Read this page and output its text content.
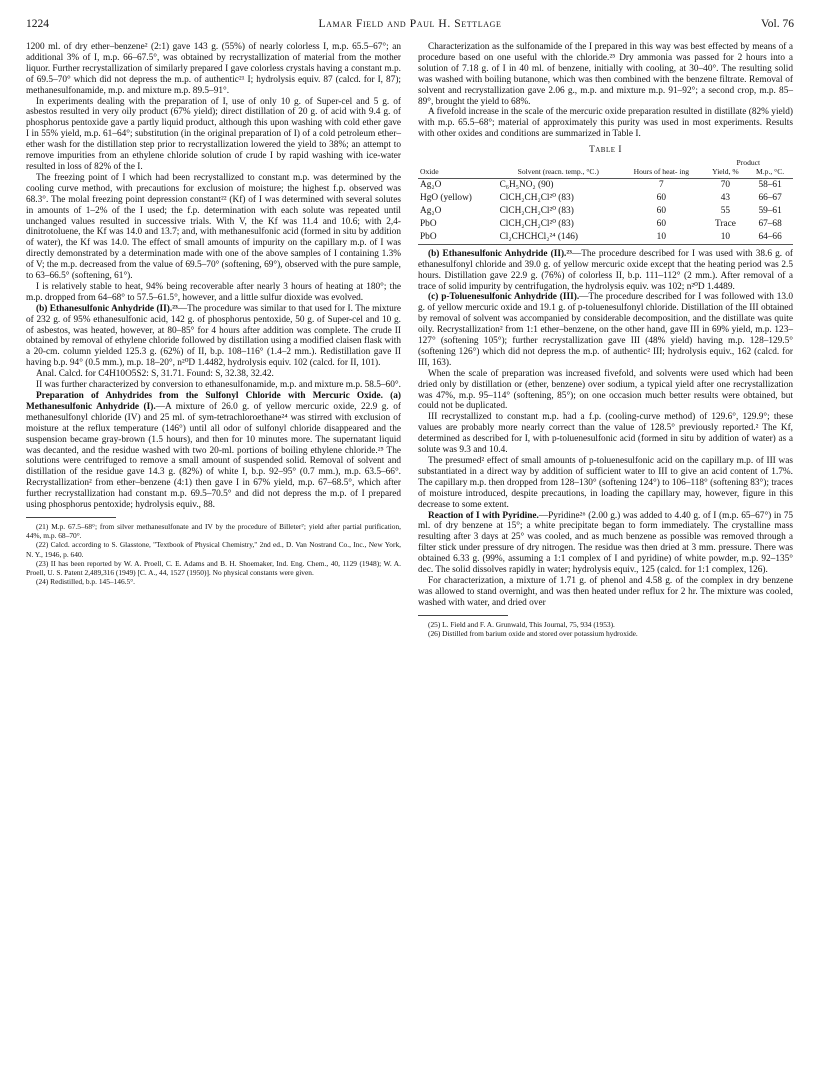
1224	Lamar Field and Paul H. Settlage	Vol. 76

1200 ml. of dry ether–benzene² (2:1) gave 143 g. (55%) of nearly colorless I, m.p. 65.5–67°; an additional 3% of I, m.p. 66–67.5°, was obtained by recrystallization of material from the mother liquor. Further recrystallization of similarly prepared I gave colorless crystals having a constant m.p. of 69.5–70° which did not depress the m.p. of authentic²¹ I; hydrolysis equiv. 87 (calcd. for I, 87); methanesulfonamide, m.p. and mixture m.p. 89.5–91°.

In experiments dealing with the preparation of I, use of only 10 g. of Super-cel and 5 g. of asbestos resulted in very oily product (67% yield); direct distillation of 20 g. of acid with 9.4 g. of phosphorus pentoxide gave a partly liquid product, although this upon washing with cold ether gave I in 55% yield, m.p. 61–64°; substitution (in the original preparation of I) of a cold petroleum ether–ether wash for the distillation step prior to recrystallization lowered the yield to 38%; an attempt to remove impurities from an ethylene chloride solution of crude I by rapid washing with ice-water resulted in loss of 82% of the I.

The freezing point of I which had been recrystallized to constant m.p. was determined by the cooling curve method, with precautions for exclusion of moisture; the highest f.p. observed was 68.3°. The molal freezing point depression constant²² (Kf) of I was determined with several solutes in amounts of 1–2% of the I used; the f.p. determination with each solute was repeated until unchanged values resulted in successive trials. With V, the Kf was 11.4 and 10.6; with 2,4-dinitrotoluene, the Kf was 14.0 and 13.7; and, with methanesulfonic acid (formed in situ by addition of water), the Kf was 14.0. The effect of small amounts of impurity on the capillary m.p. of I was directly demonstrated by a determination made with one of the above samples of I containing 1.3% of V; the m.p. decreased from the value of 69.5–70° (softening, 69°), observed with the pure sample, to 63–66.5° (softening, 61°).

I is relatively stable to heat, 94% being recoverable after nearly 3 hours of heating at 180°; the m.p. dropped from 64–68° to 57.5–61.5°, however, and a little sulfur dioxide was evolved.

(b) Ethanesulfonic Anhydride (II).²³—The procedure was similar to that used for I. The mixture of 232 g. of 95% ethanesulfonic acid, 142 g. of phosphorus pentoxide, 50 g. of Super-cel and 10 g. of asbestos, was heated, however, at 80–85° for 4 hours after addition was complete. The crude II obtained by removal of ethylene chloride followed by distillation using a modified claisen flask with a 20-cm. column yielded 125.3 g. (62%) of II, b.p. 108–116° (1.4–2 mm.). Redistillation gave II having b.p. 94° (0.5 mm.), m.p. 18–20°, n²⁰D 1.4482, hydrolysis equiv. 102 (calcd. for II, 101).

Anal. Calcd. for C4H10O5S2: S, 31.71. Found: S, 32.38, 32.42.

II was further characterized by conversion to ethanesulfonamide, m.p. and mixture m.p. 58.5–60°.

Preparation of Anhydrides from the Sulfonyl Chloride with Mercuric Oxide. (a) Methanesulfonic Anhydride (I).—A mixture of 26.0 g. of yellow mercuric oxide, 22.9 g. of methanesulfonyl chloride (IV) and 25 ml. of sym-tetrachloroethane²⁴ was stirred with exclusion of moisture at the reflux temperature (146°) until all odor of sulfonyl chloride disappeared and the suspension became gray-brown (1.5 hours), and then for 10 minutes more. The supernatant liquid was decanted, and the residue washed with two 20-ml. portions of boiling ethylene chloride.²⁵ The solutions were centrifuged to remove a small amount of suspended solid. Removal of solvent and distillation of the residue gave 14.3 g. (82%) of white I, b.p. 92–95° (0.7 mm.), m.p. 63.5–66°. Recrystallization² from ether–benzene (4:1) then gave I in 67% yield, m.p. 67–68.5°, which after further recrystallization had constant m.p. 69.5–70.5° and did not depress the m.p. of I prepared using phosphorus pentoxide; hydrolysis equiv., 88.

(21) M.p. 67.5–68°; from silver methanesulfonate and IV by the procedure of Billeter⁷; yield after partial purification, 44%, m.p. 68–70°.

(22) Calcd. according to S. Glasstone, "Textbook of Physical Chemistry," 2nd ed., D. Van Nostrand Co., Inc., New York, N. Y., 1946, p. 640.

(23) II has been reported by W. A. Proell, C. E. Adams and B. H. Shoemaker, Ind. Eng. Chem., 40, 1129 (1948); W. A. Proell, U. S. Patent 2,489,316 (1949) [C. A., 44, 1527 (1950)]. No physical constants were given.

(24) Redistilled, b.p. 145–146.5°.

Characterization as the sulfonamide of the I prepared in this way was best effected by means of a procedure based on one useful with the chloride.²⁵ Dry ammonia was passed for 2 hours into a solution of 7.18 g. of I in 40 ml. of benzene, initially with cooling, at 30–40°. The resulting solid was washed with boiling butanone, which was then combined with the benzene filtrate. Removal of solvent and recrystallization gave 2.06 g., m.p. and mixture m.p. 91–92°; a second crop, m.p. 85–89°, brought the yield to 68%.

A fivefold increase in the scale of the mercuric oxide preparation resulted in distillate (82% yield) with m.p. 65.5–68°; material of approximately this purity was used in most experiments. Results with other oxides and conditions are summarized in Table I.

Table I
Oxide	Solvent (reacn. temp., °C.)	Hours of heat- ing	Product	
			Yield, %	M.p., °C.
Ag₂O	C₆H₅NO₂ (90)	7	70	58–61
HgO (yellow)	ClCH₂CH₂Cl²⁰ (83)	60	43	66–67
Ag₂O	ClCH₂CH₂Cl²⁰ (83)	60	55	59–61
PbO	ClCH₂CH₂Cl²⁰ (83)	60	Trace	67–68
PbO	Cl₂CHCHCl₂²⁴ (146)	10	10	64–66

(b) Ethanesulfonic Anhydride (II).²³—The procedure described for I was used with 38.6 g. of ethanesulfonyl chloride and 39.0 g. of yellow mercuric oxide except that the heating period was 2.5 hours. Distillation gave 22.9 g. (76%) of colorless II, b.p. 111–112° (2 mm.). After removal of a trace of solid impurity by centrifugation, the hydrolysis equiv. was 102; n²⁰D 1.4489.

(c) p-Toluenesulfonic Anhydride (III).—The procedure described for I was followed with 13.0 g. of yellow mercuric oxide and 19.1 g. of p-toluenesulfonyl chloride. Distillation of the III obtained by removal of solvent was accompanied by considerable decomposition, and the distillate was quite oily. Recrystallization² from 1:1 ether–benzene, on the other hand, gave III in 69% yield, m.p. 123–127° (softening 105°); further recrystallization gave III (48% yield) having m.p. 128–129.5° (softening 126°) which did not depress the m.p. of authentic² III; hydrolysis equiv., 162 (calcd. for III, 163).

When the scale of preparation was increased fivefold, and solvents were used which had been dried only by distillation or (ether, benzene) over sodium, a typical yield after one recrystallization was 47%, m.p. 95–114° (softening, 85°); on one occasion much better results were obtained, but could not be duplicated.

III recrystallized to constant m.p. had a f.p. (cooling-curve method) of 129.6°, 129.9°; these values are probably more nearly correct than the value of 128.5° previously reported.² The Kf, determined as described for I, with p-toluenesulfonic acid (formed in situ by addition of water) as a solute was 9.3 and 10.4.

The presumed² effect of small amounts of p-toluenesulfonic acid on the capillary m.p. of III was substantiated in a direct way by addition of sufficient water to III to give an acid content of 1.7%. The capillary m.p. then dropped from 128–130° (softening 124°) to 106–118° (softening 83°); traces of moisture introduced, despite precautions, in loading the capillary may, however, figure in this decrease to some extent.

Reaction of I with Pyridine.—Pyridine²⁶ (2.00 g.) was added to 4.40 g. of I (m.p. 65–67°) in 75 ml. of dry benzene at 15°; a white precipitate began to form immediately. The crystalline mass resulting after 3 days at 25° was cooled, and as much benzene as possible was removed through a filter stick under pressure of dry nitrogen. The residue was then dried at 3 mm. pressure. There was obtained 6.33 g. (99%, assuming a 1:1 complex of I and pyridine) of white powder, m.p. 92–135° dec. The solid dissolves rapidly in water; hydrolysis equiv., 125 (calcd. for 1:1 complex, 126).

For characterization, a mixture of 1.71 g. of phenol and 4.58 g. of the complex in dry benzene was allowed to stand overnight, and was then heated under reflux for 2 hr. The mixture was cooled, washed with water, and dried over

(25) L. Field and F. A. Grunwald, This Journal, 75, 934 (1953).

(26) Distilled from barium oxide and stored over potassium hydroxide.
